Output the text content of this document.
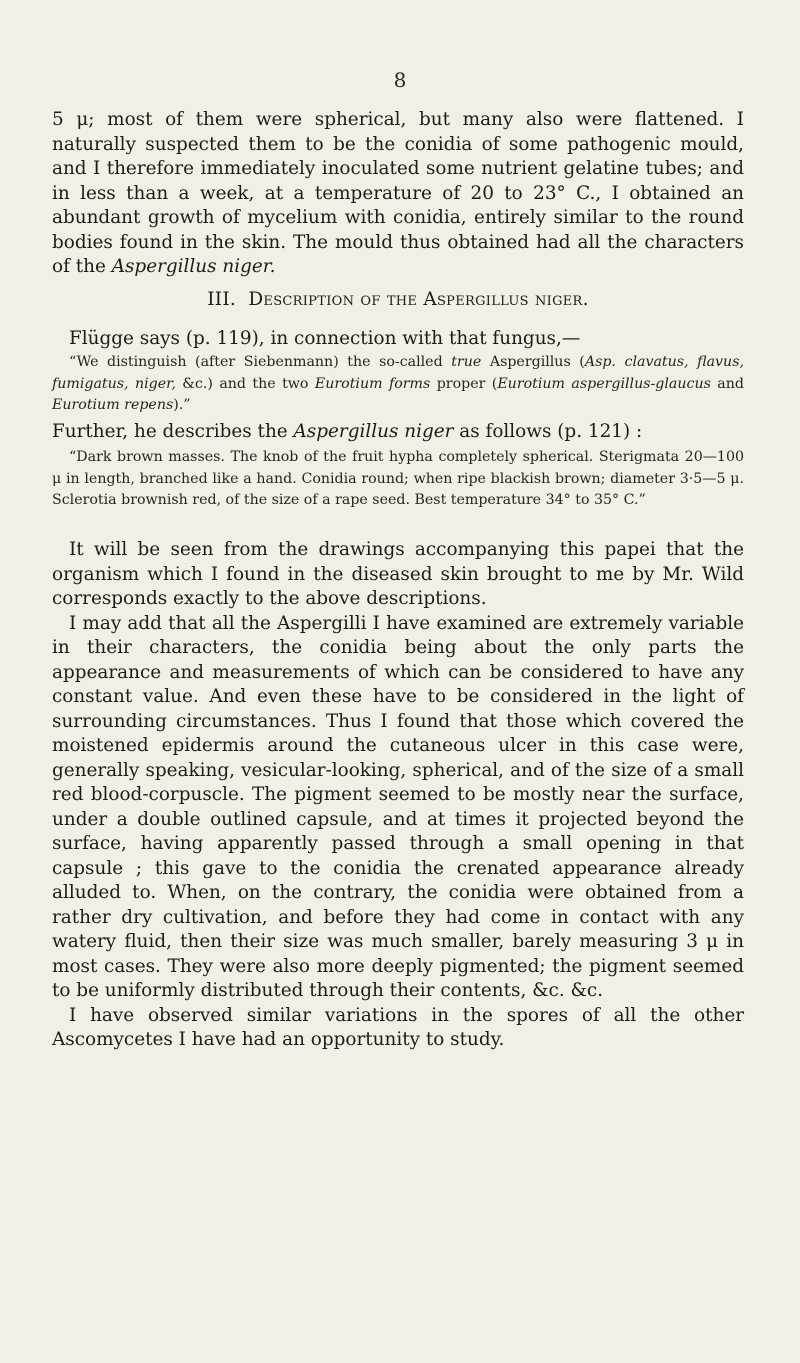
8

5 μ; most of them were spherical, but many also were flattened. I naturally suspected them to be the conidia of some pathogenic mould, and I therefore immediately inoculated some nutrient gelatine tubes; and in less than a week, at a temperature of 20 to 23° C., I obtained an abundant growth of mycelium with conidia, entirely similar to the round bodies found in the skin. The mould thus obtained had all the characters of the Aspergillus niger.

III. Description of the Aspergillus niger.

Flügge says (p. 119), in connection with that fungus,—

“We distinguish (after Siebenmann) the so-called true Aspergillus (Asp. clavatus, flavus, fumigatus, niger, &c.) and the two Eurotium forms proper (Eurotium aspergillus-glaucus and Eurotium repens).”

Further, he describes the Aspergillus niger as follows (p. 121) :

“Dark brown masses. The knob of the fruit hypha completely spherical. Sterigmata 20—100 μ in length, branched like a hand. Conidia round; when ripe blackish brown; diameter 3·5—5 μ. Sclerotia brownish red, of the size of a rape seed. Best temperature 34° to 35° C.”

It will be seen from the drawings accompanying this papei that the organism which I found in the diseased skin brought to me by Mr. Wild corresponds exactly to the above descriptions.

I may add that all the Aspergilli I have examined are extremely variable in their characters, the conidia being about the only parts the appearance and measurements of which can be considered to have any constant value. And even these have to be considered in the light of surrounding circumstances. Thus I found that those which covered the moistened epidermis around the cutaneous ulcer in this case were, generally speaking, vesicular-looking, spherical, and of the size of a small red blood-corpuscle. The pigment seemed to be mostly near the surface, under a double outlined capsule, and at times it projected beyond the surface, having apparently passed through a small opening in that capsule ; this gave to the conidia the crenated appearance already alluded to. When, on the contrary, the conidia were obtained from a rather dry cultivation, and before they had come in contact with any watery fluid, then their size was much smaller, barely measuring 3 μ in most cases. They were also more deeply pigmented; the pigment seemed to be uniformly distributed through their contents, &c. &c.

I have observed similar variations in the spores of all the other Ascomycetes I have had an opportunity to study.
